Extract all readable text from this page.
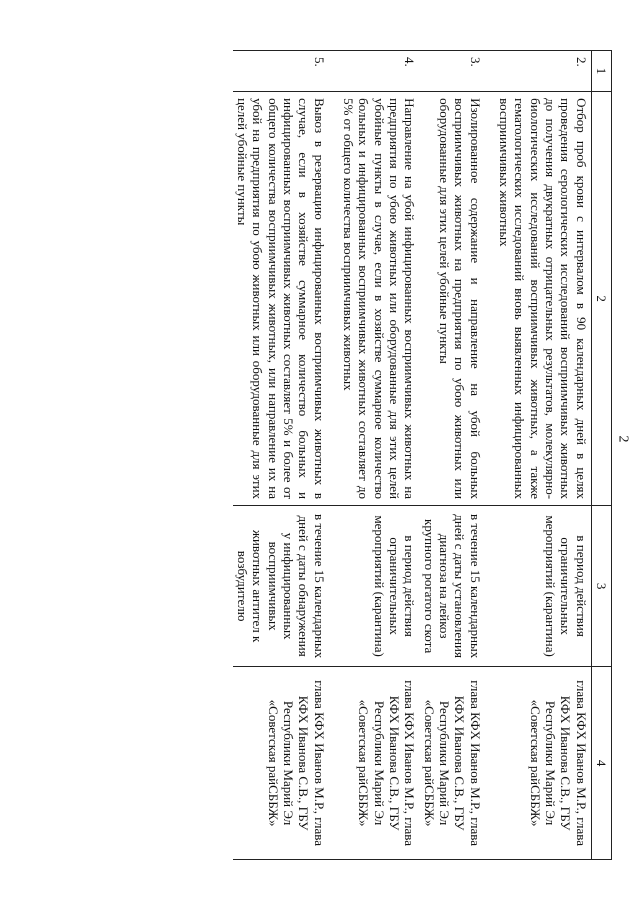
2
1	2	3	4
2.	Отбор проб крови с интервалом в 90 календарных дней в целях проведения серологических исследований восприимчивых животных до получения двукратных отрицательных результатов, молекулярно-биологических исследований восприимчивых животных, а также гематологических исследований вновь выявленных инфицированных восприимчивых животных	в период действия ограничительных мероприятий (карантина)	глава КФХ Иванов М.Р., глава КФХ Иванова С.В., ГБУ Республики Марий Эл «Советская райСББЖ»
3.	Изолированное содержание и направление на убой больных восприимчивых животных на предприятия по убою животных или оборудованные для этих целей убойные пункты	в течение 15 календарных дней с даты установления диагноза на лейкоз крупного рогатого скота	глава КФХ Иванов М.Р., глава КФХ Иванова С.В., ГБУ Республики Марий Эл «Советская райСББЖ»
4.	Направление на убой инфицированных восприимчивых животных на предприятия по убою животных или оборудованные для этих целей убойные пункты в случае, если в хозяйстве суммарное количество больных и инфицированных восприимчивых животных составляет до 5% от общего количества восприимчивых животных	в период действия ограничительных мероприятий (карантина)	глава КФХ Иванов М.Р., глава КФХ Иванова С.В., ГБУ Республики Марий Эл «Советская райСББЖ»
5.	Вывоз в резервацию инфицированных восприимчивых животных в случае, если в хозяйстве суммарное количество больных и инфицированных восприимчивых животных составляет 5% и более от общего количества восприимчивых животных, или направление их на убой на предприятия по убою животных или оборудованные для этих целей убойные пункты	в течение 15 календарных дней с даты обнаружения у инфицированных восприимчивых животных антител к возбудителю	глава КФХ Иванов М.Р., глава КФХ Иванова С.В., ГБУ Республики Марий Эл «Советская райСББЖ»
